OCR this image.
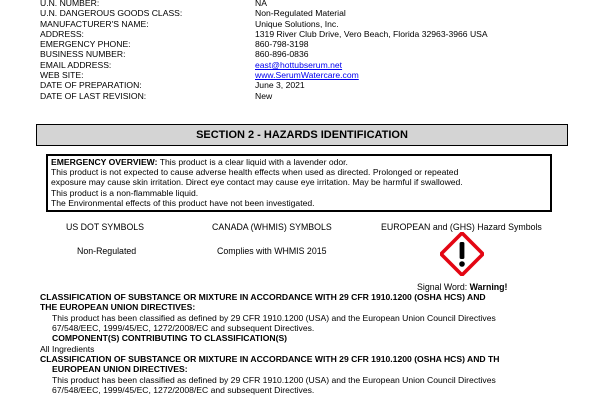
U.N. NUMBER:	NA
U.N. DANGEROUS GOODS CLASS:	Non-Regulated Material
MANUFACTURER'S NAME:	Unique Solutions, Inc.
ADDRESS:	1319 River Club Drive, Vero Beach, Florida 32963-3966 USA
EMERGENCY PHONE:	860-798-3198
BUSINESS NUMBER:	860-896-0836
EMAIL ADDRESS:	east@hottubserum.net
WEB SITE:	www.SerumWatercare.com
DATE OF PREPARATION:	June 3, 2021
DATE OF LAST REVISION:	New
SECTION 2 - HAZARDS IDENTIFICATION
EMERGENCY OVERVIEW: This product is a clear liquid with a lavender odor.
This product is not expected to cause adverse health effects when used as directed. Prolonged or repeated
exposure may cause skin irritation. Direct eye contact may cause eye irritation. May be harmful if swallowed.
This product is a non-flammable liquid.
The Environmental effects of this product have not been investigated.
US DOT SYMBOLS	CANADA (WHMIS) SYMBOLS	EUROPEAN and (GHS) Hazard Symbols
Non-Regulated	Complies with WHMIS 2015
Signal Word: Warning!
CLASSIFICATION OF SUBSTANCE OR MIXTURE IN ACCORDANCE WITH 29 CFR 1910.1200 (OSHA HCS) AND
THE EUROPEAN UNION DIRECTIVES:
This product has been classified as defined by 29 CFR 1910.1200 (USA) and the European Union Council Directives
67/548/EEC, 1999/45/EC, 1272/2008/EC and subsequent Directives.
COMPONENT(S) CONTRIBUTING TO CLASSIFICATION(S)
All Ingredients
CLASSIFICATION OF SUBSTANCE OR MIXTURE IN ACCORDANCE WITH 29 CFR 1910.1200 (OSHA HCS) AND TH
EUROPEAN UNION DIRECTIVES:
This product has been classified as defined by 29 CFR 1910.1200 (USA) and the European Union Council Directives
67/548/EEC, 1999/45/EC, 1272/2008/EC and subsequent Directives.
